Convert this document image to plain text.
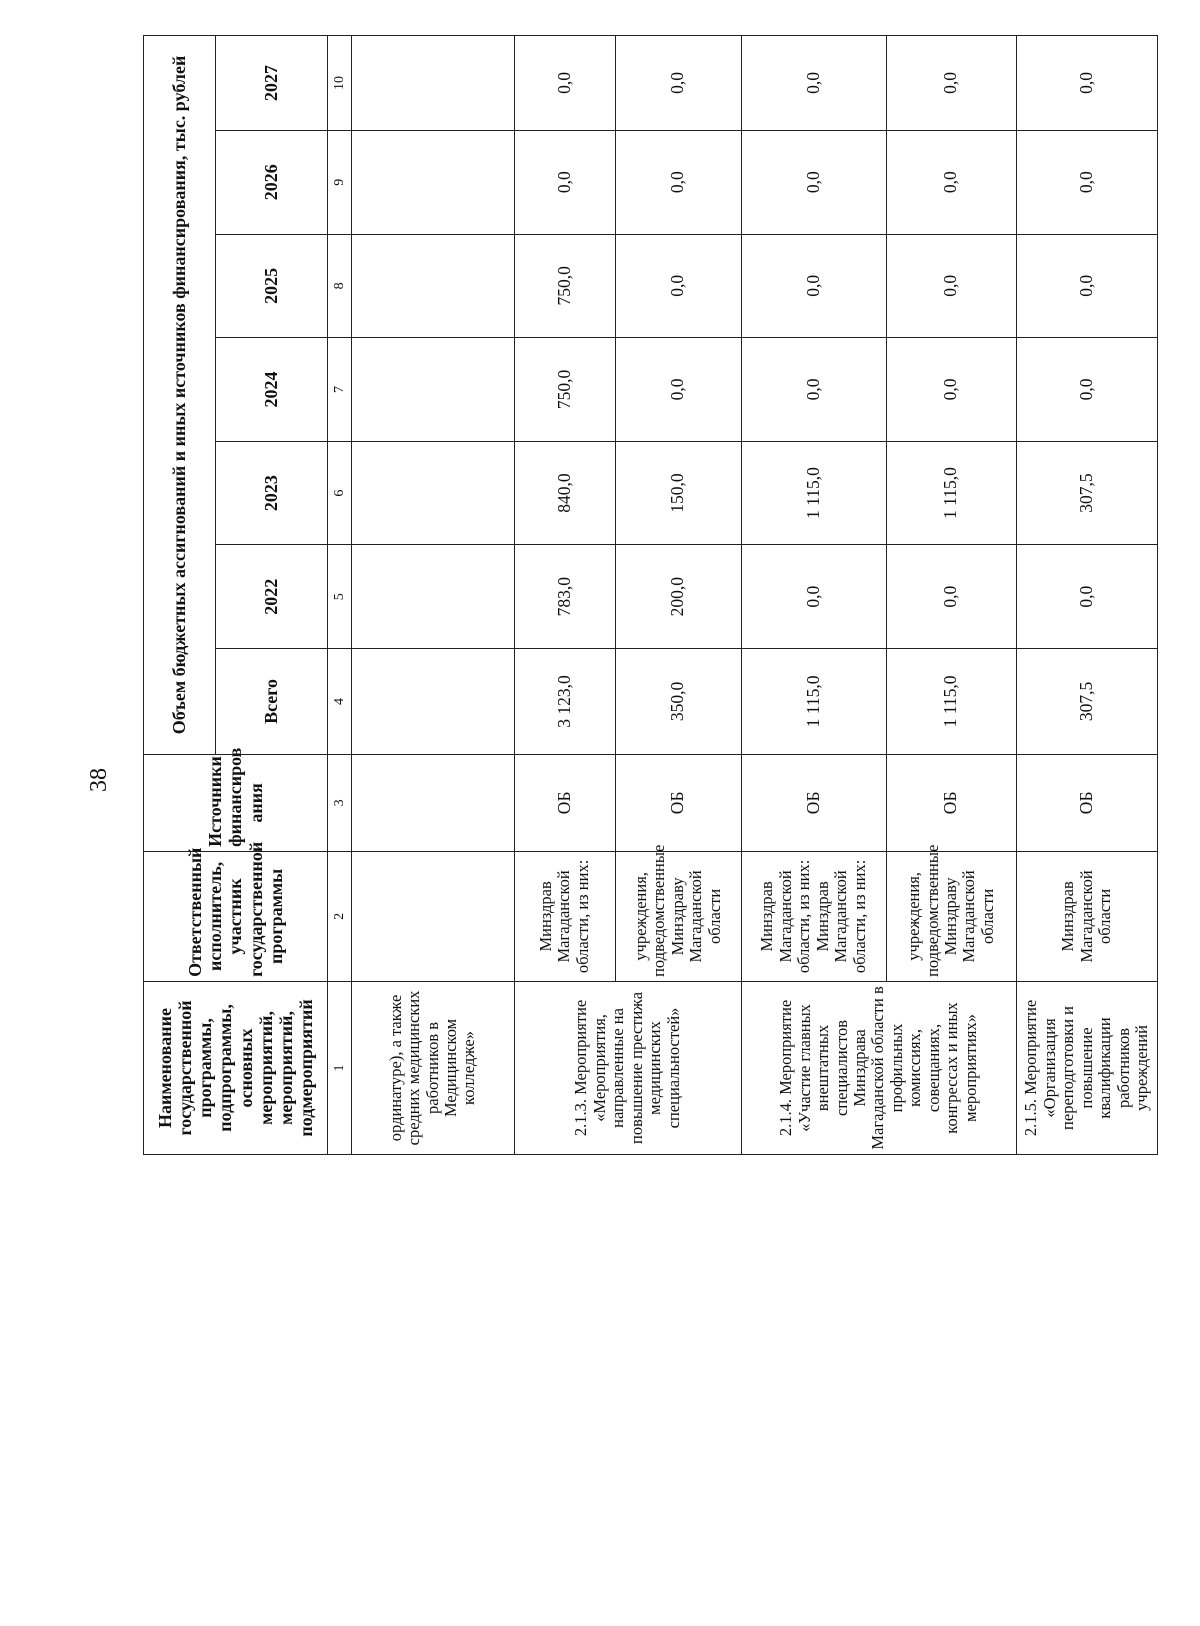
38
Наименование государственной программы, подпрограммы, основных мероприятий, мероприятий, подмероприятий	Ответственный исполнитель, участник государственной программы	Источники финансиров ания	Объем бюджетных ассигнований и иных источников финансирования, тыс. рублей						
			Всего	2022	2023	2024	2025	2026	2027
1	2	3	4	5	6	7	8	9	10
ординатуре), а также средних медицинских работников в Медицинском колледже»									
2.1.3. Мероприятие «Мероприятия, направленные на повышение престижа медицинских специальностей»	Минздрав Магаданской области, из них:	ОБ	3 123,0	783,0	840,0	750,0	750,0	0,0	0,0
	учреждения, подведомственные Минздраву Магаданской области	ОБ	350,0	200,0	150,0	0,0	0,0	0,0	0,0
2.1.4. Мероприятие «Участие главных внештатных специалистов Минздрава Магаданской области в профильных комиссиях, совещаниях, конгрессах и иных мероприятиях»	Минздрав Магаданской области, из них: Минздрав Магаданской области, из них:	ОБ	1 115,0	0,0	1 115,0	0,0	0,0	0,0	0,0
	учреждения, подведомственные Минздраву Магаданской области	ОБ	1 115,0	0,0	1 115,0	0,0	0,0	0,0	0,0
2.1.5. Мероприятие «Организация переподготовки и повышение квалификации работников учреждений	Минздрав Магаданской области	ОБ	307,5	0,0	307,5	0,0	0,0	0,0	0,0
